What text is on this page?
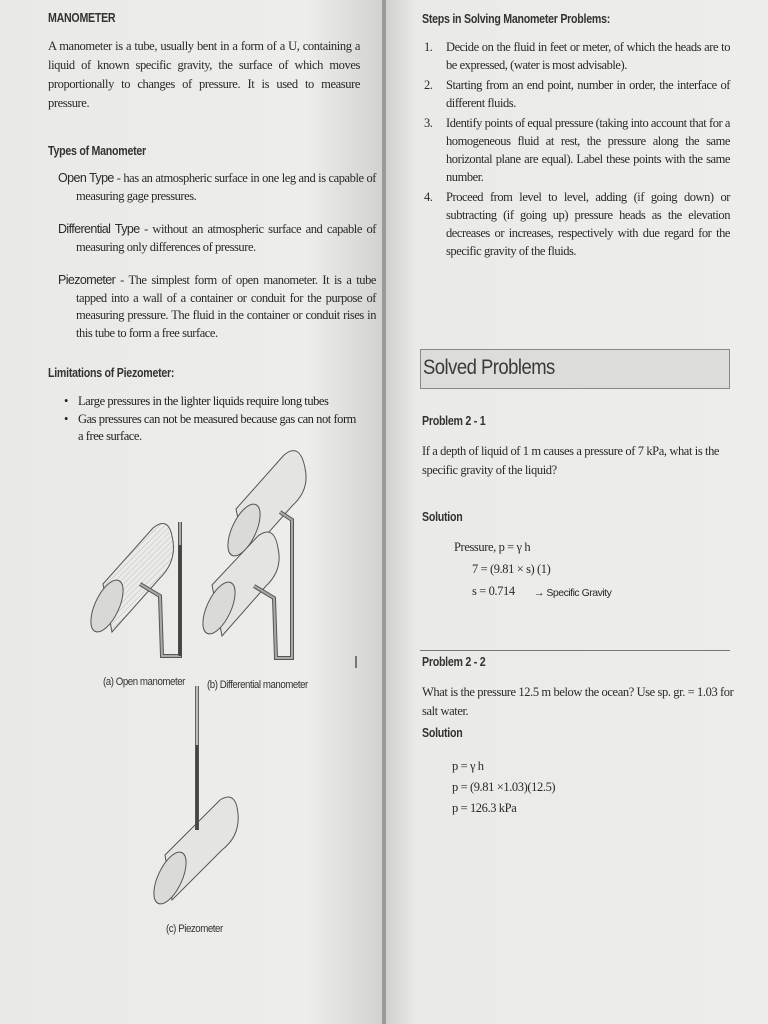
MANOMETER
A manometer is a tube, usually bent in a form of a U, containing a liquid of known specific gravity, the surface of which moves proportionally to changes of pressure. It is used to measure pressure.
Types of Manometer
Open Type - has an atmospheric surface in one leg and is capable of measuring gage pressures.
Differential Type - without an atmospheric surface and capable of measuring only differences of pressure.
Piezometer - The simplest form of open manometer. It is a tube tapped into a wall of a container or conduit for the purpose of measuring pressure. The fluid in the container or conduit rises in this tube to form a free surface.
Limitations of Piezometer:
• Large pressures in the lighter liquids require long tubes
• Gas pressures can not be measured because gas can not form a free surface.
(a) Open manometer (b) Differential manometer
(c) Piezometer
Steps in Solving Manometer Problems:
1. Decide on the fluid in feet or meter, of which the heads are to be expressed, (water is most advisable).
2. Starting from an end point, number in order, the interface of different fluids.
3. Identify points of equal pressure (taking into account that for a homogeneous fluid at rest, the pressure along the same horizontal plane are equal). Label these points with the same number.
4. Proceed from level to level, adding (if going down) or subtracting (if going up) pressure heads as the elevation decreases or increases, respectively with due regard for the specific gravity of the fluids.
Solved Problems
Problem 2 - 1
If a depth of liquid of 1 m causes a pressure of 7 kPa, what is the specific gravity of the liquid?
Solution
Pressure, p = γ h
7 = (9.81 × s) (1)
s = 0.714 → Specific Gravity
Problem 2 - 2
What is the pressure 12.5 m below the ocean? Use sp. gr. = 1.03 for salt water.
Solution
p = γ h
p = (9.81 ×1.03)(12.5)
p = 126.3 kPa
